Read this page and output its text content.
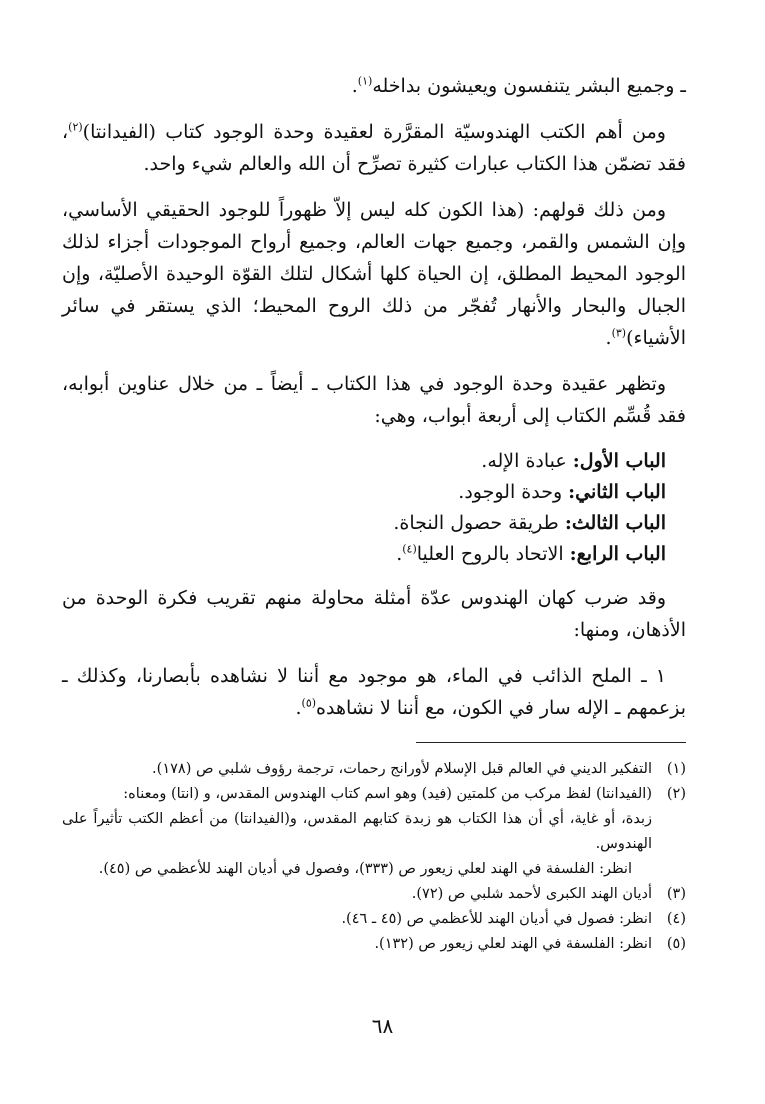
ـ وجميع البشر يتنفسون ويعيشون بداخله$^{(١)}$.

ومن أهم الكتب الهندوسيّة المقرَّرة لعقيدة وحدة الوجود كتاب (الفيدانتا)$^{(٢)}$، فقد تضمّن هذا الكتاب عبارات كثيرة تصرِّح أن الله والعالم شيء واحد.

ومن ذلك قولهم: (هذا الكون كله ليس إلاّ ظهوراً للوجود الحقيقي الأساسي، وإن الشمس والقمر، وجميع جهات العالم، وجميع أرواح الموجودات أجزاء لذلك الوجود المحيط المطلق، إن الحياة كلها أشكال لتلك القوّة الوحيدة الأصليّة، وإن الجبال والبحار والأنهار تُفجّر من ذلك الروح المحيط؛ الذي يستقر في سائر الأشياء)$^{(٣)}$.

وتظهر عقيدة وحدة الوجود في هذا الكتاب ـ أيضاً ـ من خلال عناوين أبوابه، فقد قُسِّم الكتاب إلى أربعة أبواب، وهي:

الباب الأول: عبادة الإله.
الباب الثاني: وحدة الوجود.
الباب الثالث: طريقة حصول النجاة.
الباب الرابع: الاتحاد بالروح العليا$^{(٤)}$.

وقد ضرب كهان الهندوس عدّة أمثلة محاولة منهم تقريب فكرة الوحدة من الأذهان، ومنها:

١ ـ الملح الذائب في الماء، هو موجود مع أننا لا نشاهده بأبصارنا، وكذلك ـ بزعمهم ـ الإله سار في الكون، مع أننا لا نشاهده$^{(٥)}$.

(١)
التفكير الديني في العالم قبل الإسلام لأورانج رحمات، ترجمة رؤوف شلبي ص (١٧٨).
(٢)
(الفيدانتا) لفظ مركب من كلمتين (فيد) وهو اسم كتاب الهندوس المقدس، و (انتا) ومعناه:
زبدة، أو غاية، أي أن هذا الكتاب هو زبدة كتابهم المقدس، و(الفيدانتا) من أعظم الكتب تأثيراً على الهندوس.
انظر: الفلسفة في الهند لعلي زيعور ص (٣٣٣)، وفصول في أديان الهند للأعظمي ص (٤٥).
(٣)
أديان الهند الكبرى لأحمد شلبي ص (٧٢).
(٤)
انظر: فصول في أديان الهند للأعظمي ص (٤٥ ـ ٤٦).
(٥)
انظر: الفلسفة في الهند لعلي زيعور ص (١٣٢).
٦٨
